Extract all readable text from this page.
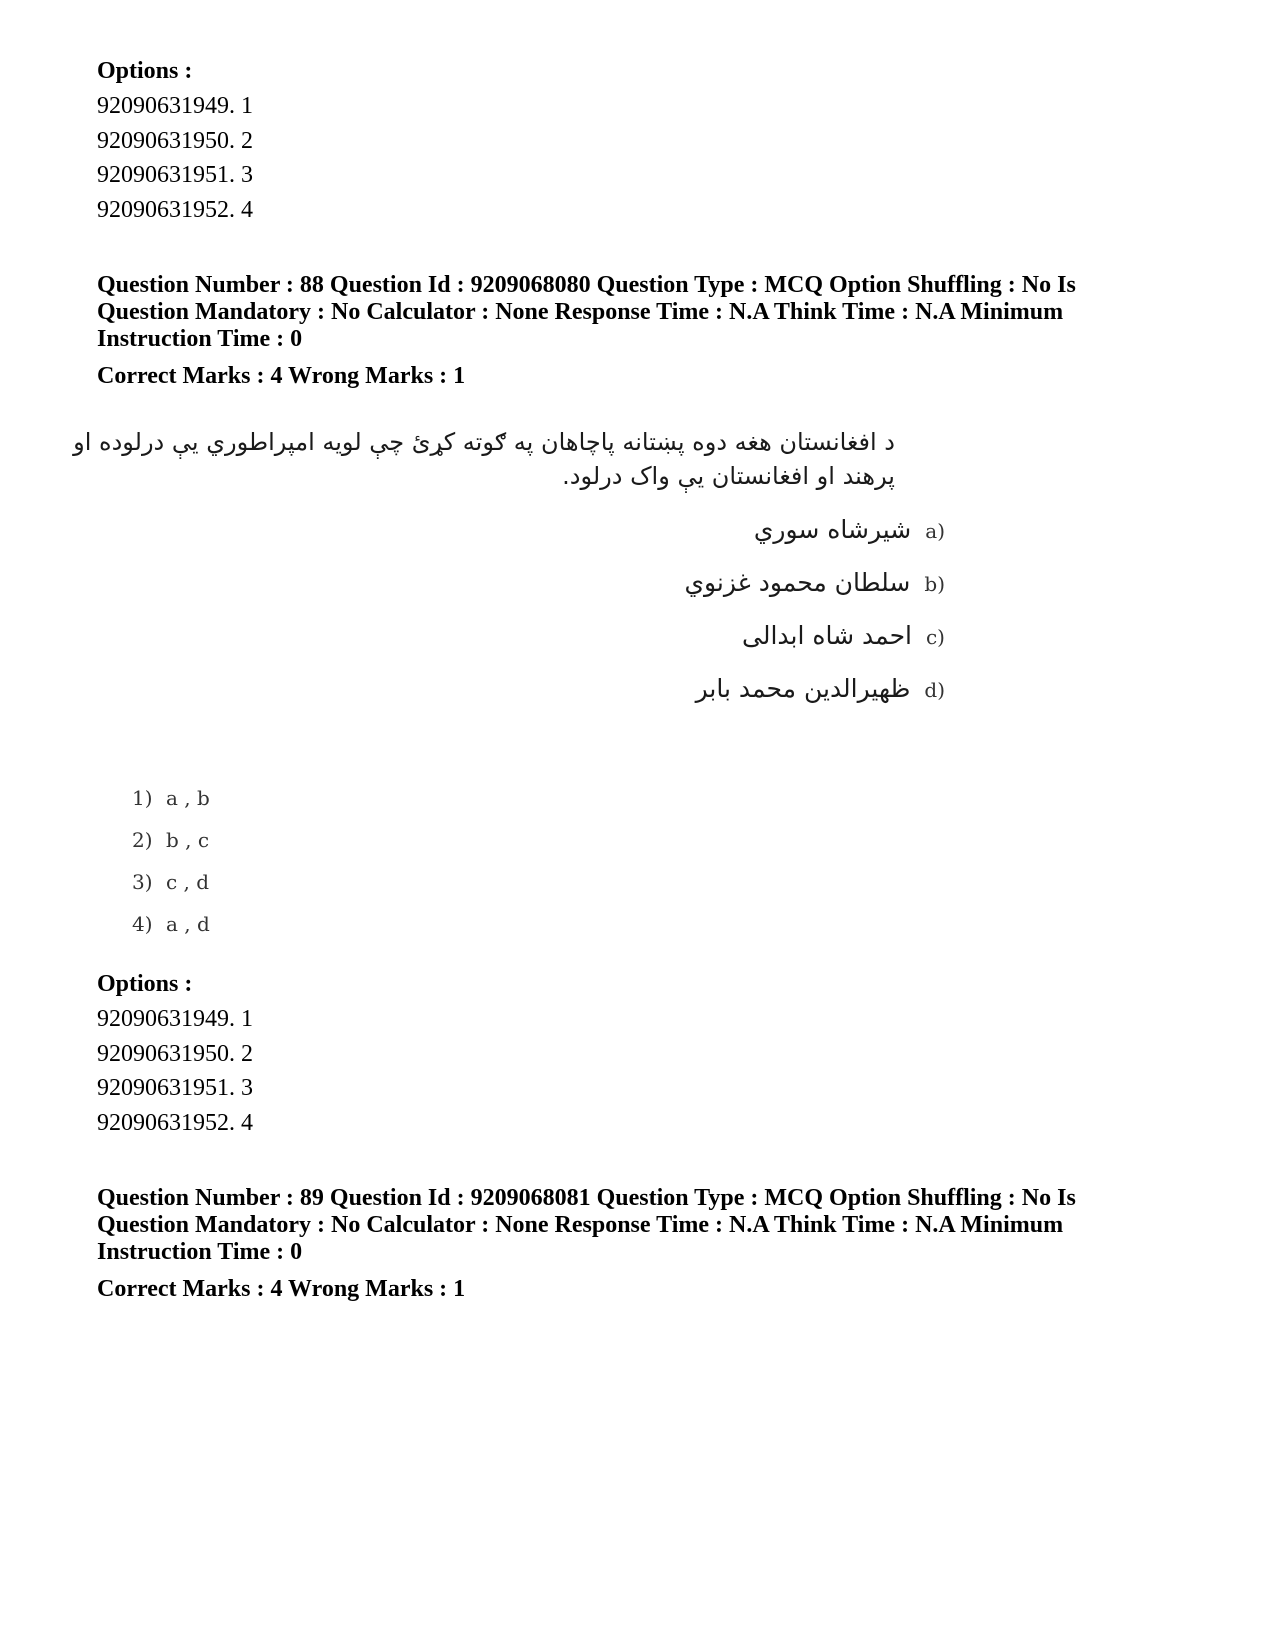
Options :
92090631949. 1
92090631950. 2
92090631951. 3
92090631952. 4
Question Number : 88 Question Id : 9209068080 Question Type : MCQ Option Shuffling : No Is
Question Mandatory : No Calculator : None Response Time : N.A Think Time : N.A Minimum
Instruction Time : 0
Correct Marks : 4 Wrong Marks : 1
د افغانستان هغه دوه پښتانه پاچاهان په ګوته کړئ چې لويه امپراطوري يې درلوده او
پرهند او افغانستان يې واک درلود.
a)
شيرشاه سوري
b)
سلطان محمود غزنوي
c)
احمد شاه ابدالی
d)
ظهيرالدين محمد بابر
1) a , b
2) b , c
3) c , d
4) a , d
Options :
92090631949. 1
92090631950. 2
92090631951. 3
92090631952. 4
Question Number : 89 Question Id : 9209068081 Question Type : MCQ Option Shuffling : No Is
Question Mandatory : No Calculator : None Response Time : N.A Think Time : N.A Minimum
Instruction Time : 0
Correct Marks : 4 Wrong Marks : 1
